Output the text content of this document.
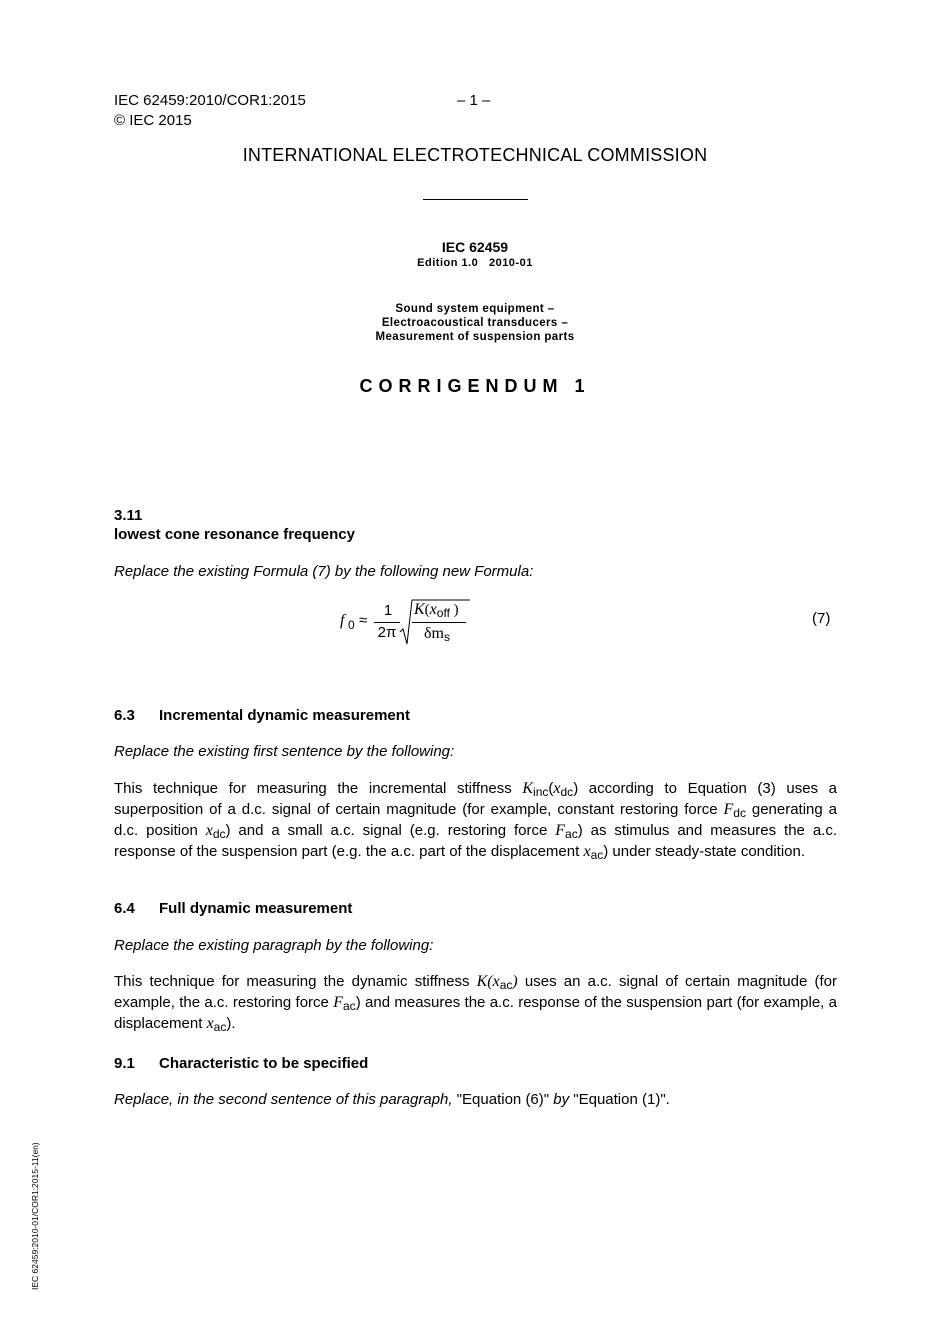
IEC 62459:2010/COR1:2015	– 1 –
© IEC 2015
INTERNATIONAL ELECTROTECHNICAL COMMISSION
IEC 62459
Edition 1.0   2010-01
Sound system equipment –
Electroacoustical transducers –
Measurement of suspension parts
CORRIGENDUM 1
3.11
lowest cone resonance frequency
Replace the existing Formula (7) by the following new Formula:
f 0 ≈
1
2π
$K(x_{off}$ )
$\delta m_s$
(7)
6.3 Incremental dynamic measurement
Replace the existing first sentence by the following:
This technique for measuring the incremental stiffness $K_{inc}(x_{dc})$ according to Equation (3) uses a superposition of a d.c. signal of certain magnitude (for example, constant restoring force $F_{dc}$ generating a d.c. position $x_{dc}$) and a small a.c. signal (e.g. restoring force $F_{ac}$) as stimulus and measures the a.c. response of the suspension part (e.g. the a.c. part of the displacement $x_{ac}$) under steady-state condition.
6.4 Full dynamic measurement
Replace the existing paragraph by the following:
This technique for measuring the dynamic stiffness $K(x_{ac})$ uses an a.c. signal of certain magnitude (for example, the a.c. restoring force $F_{ac}$) and measures the a.c. response of the suspension part (for example, a displacement $x_{ac}$).
9.1 Characteristic to be specified
Replace, in the second sentence of this paragraph, "Equation (6)" by "Equation (1)".
IEC 62459:2010-01/COR1:2015-11(en)
